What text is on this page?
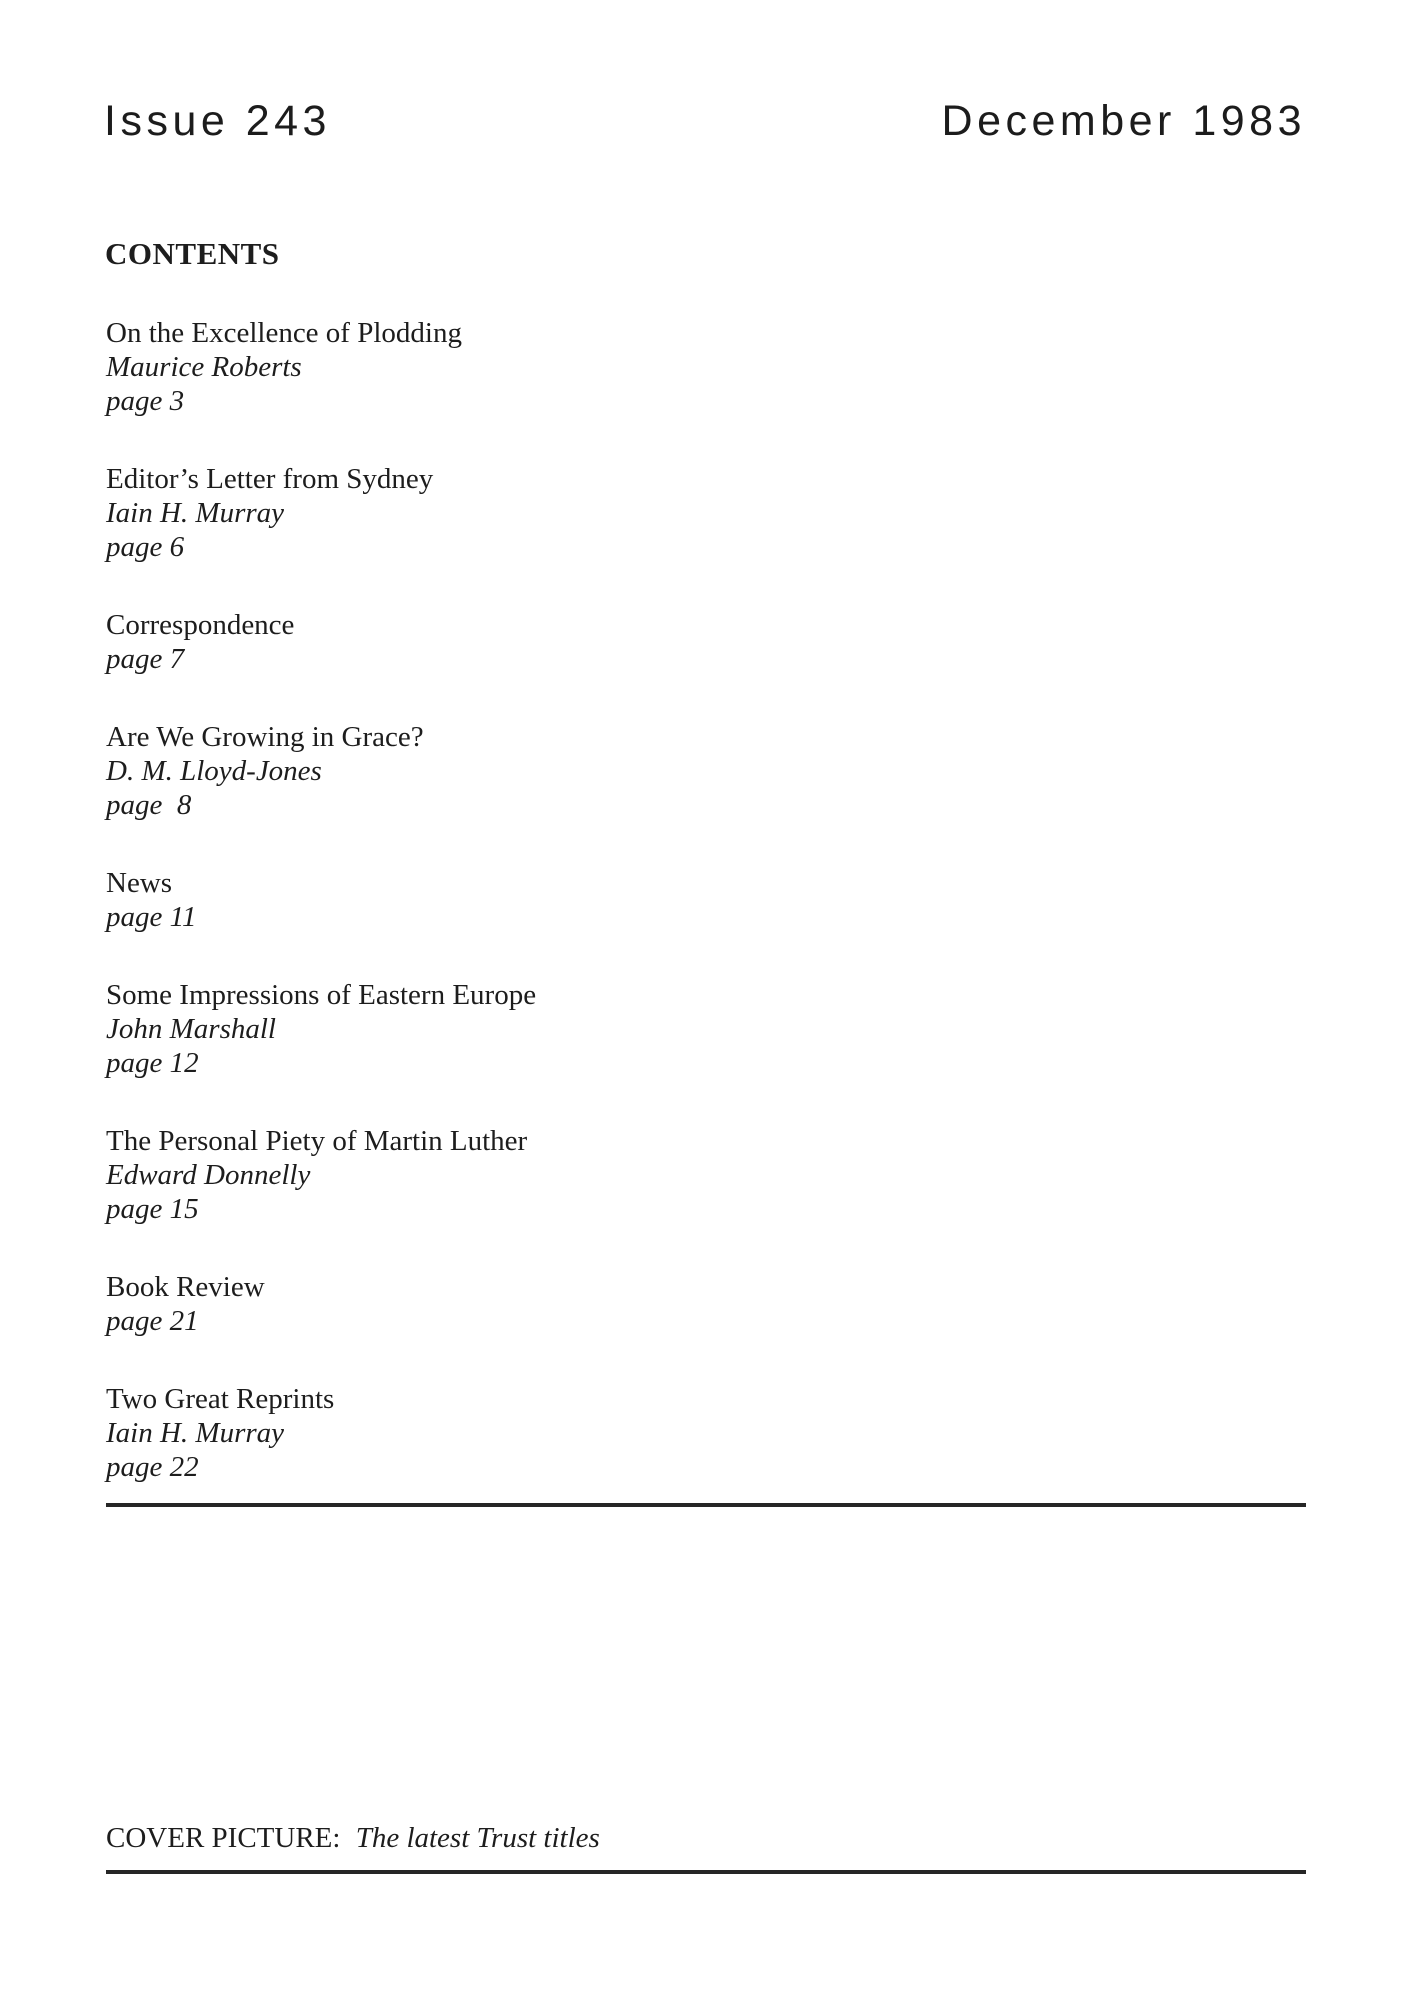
Issue 243	December 1983
CONTENTS
On the Excellence of Plodding
Maurice Roberts
page 3
Editor’s Letter from Sydney
Iain H. Murray
page 6
Correspondence
page 7
Are We Growing in Grace?
D. M. Lloyd-Jones
page  8
News
page 11
Some Impressions of Eastern Europe
John Marshall
page 12
The Personal Piety of Martin Luther
Edward Donnelly
page 15
Book Review
page 21
Two Great Reprints
Iain H. Murray
page 22
COVER PICTURE: The latest Trust titles
